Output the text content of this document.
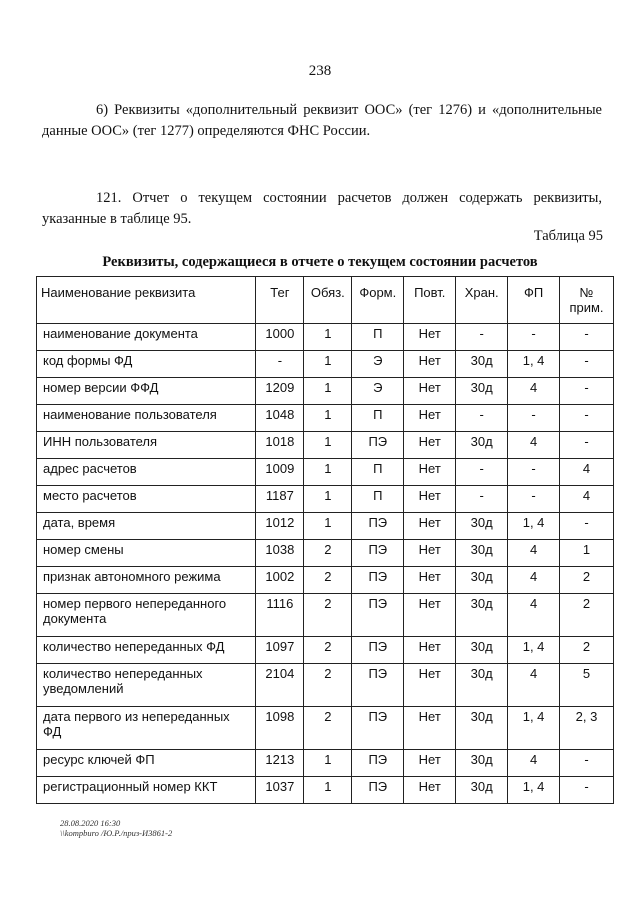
238
6) Реквизиты «дополнительный реквизит ООС» (тег 1276) и «дополнительные данные ООС» (тег 1277) определяются ФНС России.
121. Отчет о текущем состоянии расчетов должен содержать реквизиты, указанные в таблице 95.
Таблица 95
Реквизиты, содержащиеся в отчете о текущем состоянии расчетов
Наименование реквизита	Тег	Обяз.	Форм.	Повт.	Хран.	ФП	№ прим.
наименование документа	1000	1	П	Нет	-	-	-
код формы ФД	-	1	Э	Нет	30д	1, 4	-
номер версии ФФД	1209	1	Э	Нет	30д	4	-
наименование пользователя	1048	1	П	Нет	-	-	-
ИНН пользователя	1018	1	ПЭ	Нет	30д	4	-
адрес расчетов	1009	1	П	Нет	-	-	4
место расчетов	1187	1	П	Нет	-	-	4
дата, время	1012	1	ПЭ	Нет	30д	1, 4	-
номер смены	1038	2	ПЭ	Нет	30д	4	1
признак автономного режима	1002	2	ПЭ	Нет	30д	4	2
номер первого непереданного документа	1116	2	ПЭ	Нет	30д	4	2
количество непереданных ФД	1097	2	ПЭ	Нет	30д	1, 4	2
количество непереданных уведомлений	2104	2	ПЭ	Нет	30д	4	5
дата первого из непереданных ФД	1098	2	ПЭ	Нет	30д	1, 4	2, 3
ресурс ключей ФП	1213	1	ПЭ	Нет	30д	4	-
регистрационный номер ККТ	1037	1	ПЭ	Нет	30д	1, 4	-
28.08.2020 16:30
\\kompburo /Ю.Р./приз-И3861-2
